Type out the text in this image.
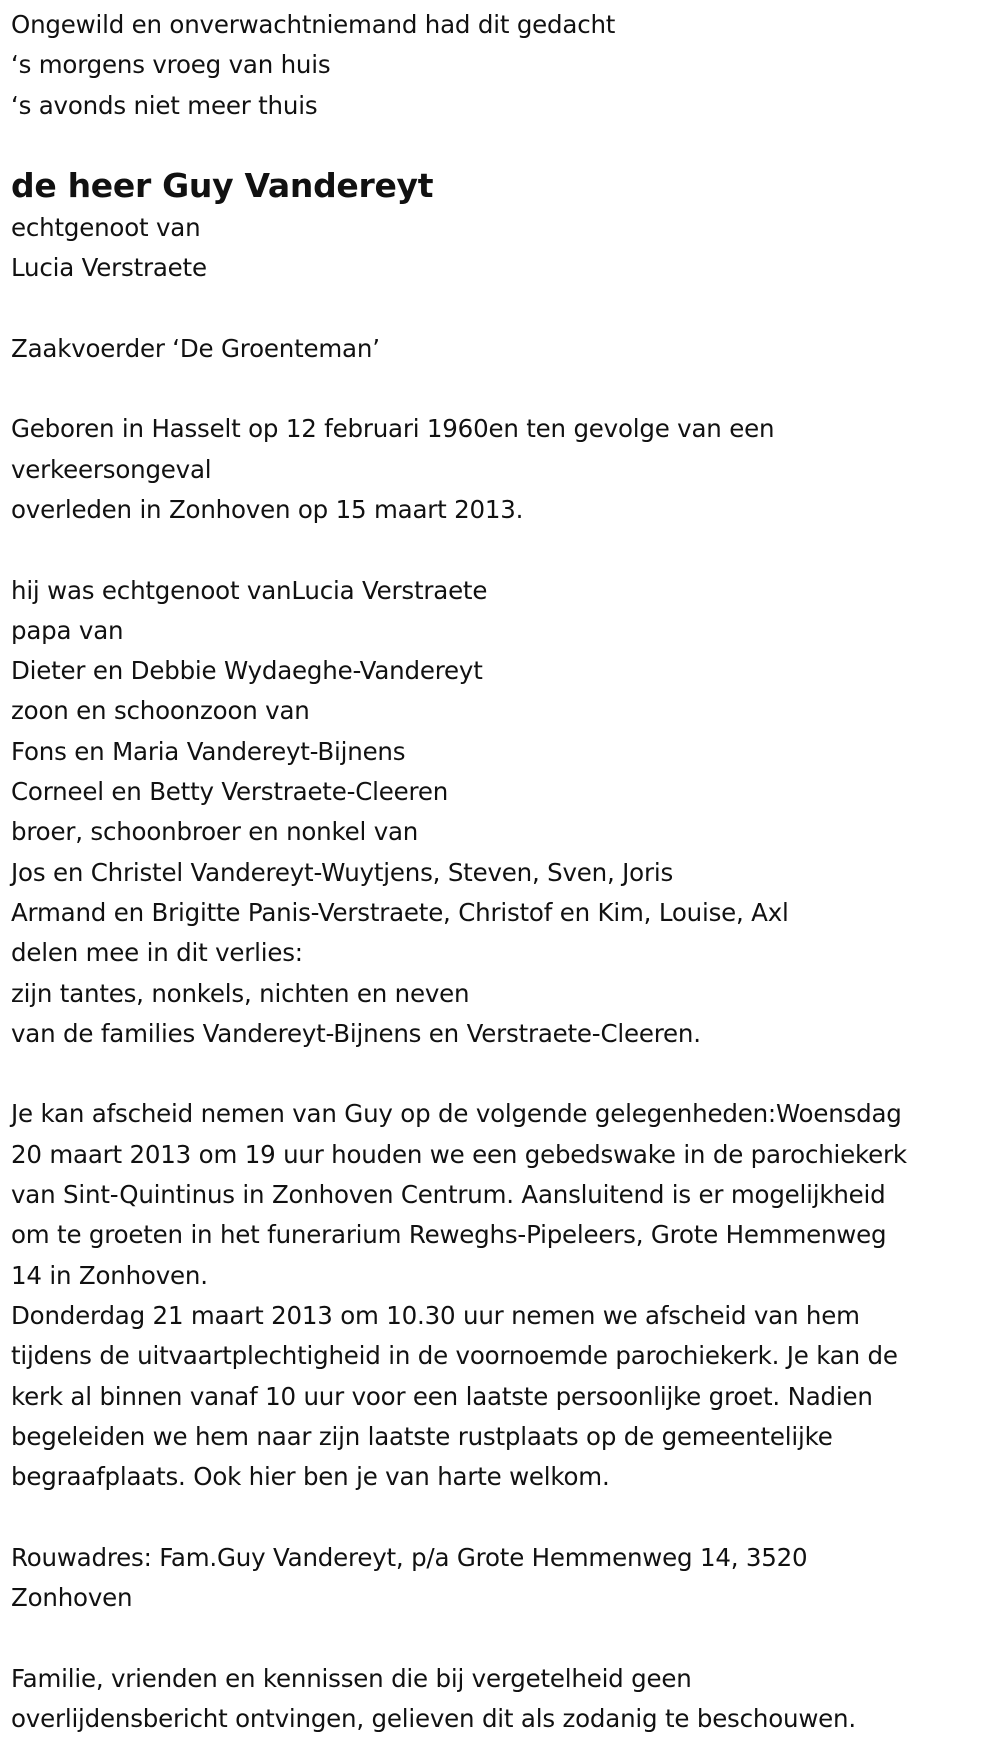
Ongewild en onverwachtniemand had dit gedacht
‘s morgens vroeg van huis
‘s avonds niet meer thuis
de heer Guy Vandereyt
echtgenoot van
Lucia Verstraete
Zaakvoerder ‘De Groenteman’
Geboren in Hasselt op 12 februari 1960en ten gevolge van een
verkeersongeval
overleden in Zonhoven op 15 maart 2013.
hij was echtgenoot vanLucia Verstraete
papa van
Dieter en Debbie Wydaeghe-Vandereyt
zoon en schoonzoon van
Fons en Maria Vandereyt-Bijnens
Corneel en Betty Verstraete-Cleeren
broer, schoonbroer en nonkel van
Jos en Christel Vandereyt-Wuytjens, Steven, Sven, Joris
Armand en Brigitte Panis-Verstraete, Christof en Kim, Louise, Axl
delen mee in dit verlies:
zijn tantes, nonkels, nichten en neven
van de families Vandereyt-Bijnens en Verstraete-Cleeren.
Je kan afscheid nemen van Guy op de volgende gelegenheden:Woensdag
20 maart 2013 om 19 uur houden we een gebedswake in de parochiekerk
van Sint-Quintinus in Zonhoven Centrum. Aansluitend is er mogelijkheid
om te groeten in het funerarium Reweghs-Pipeleers, Grote Hemmenweg
14 in Zonhoven.
Donderdag 21 maart 2013 om 10.30 uur nemen we afscheid van hem
tijdens de uitvaartplechtigheid in de voornoemde parochiekerk. Je kan de
kerk al binnen vanaf 10 uur voor een laatste persoonlijke groet. Nadien
begeleiden we hem naar zijn laatste rustplaats op de gemeentelijke
begraafplaats. Ook hier ben je van harte welkom.
Rouwadres: Fam.Guy Vandereyt, p/a Grote Hemmenweg 14, 3520
Zonhoven
Familie, vrienden en kennissen die bij vergetelheid geen
overlijdensbericht ontvingen, gelieven dit als zodanig te beschouwen.
